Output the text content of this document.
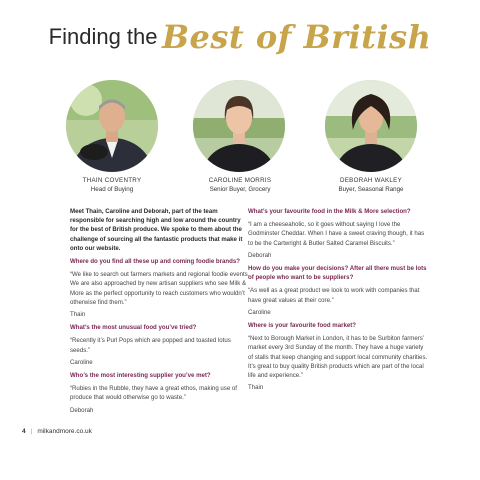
Finding the Best of British
THAIN COVENTRY
Head of Buying
CAROLINE MORRIS
Senior Buyer, Grocery
DEBORAH WAKLEY
Buyer, Seasonal Range

Meet Thain, Caroline and Deborah, part of the team responsible for searching high and low around the country for the best of British produce. We spoke to them about the challenge of sourcing all the fantastic products that make it onto our website.

Where do you find all these up and coming foodie brands?

“We like to search out farmers markets and regional foodie events. We are also approached by new artisan suppliers who see Milk & More as the perfect opportunity to reach customers who wouldn’t otherwise find them.”

Thain

What’s the most unusual food you’ve tried?

“Recently it’s Purl Pops which are popped and toasted lotus seeds.”

Caroline

Who’s the most interesting supplier you’ve met?

“Rubies in the Rubble, they have a great ethos, making use of produce that would otherwise go to waste.”

Deborah

What’s your favourite food in the Milk & More selection?

“I am a cheeseaholic, so it goes without saying I love the Godminster Cheddar. When I have a sweet craving though, it has to be the Cartwright & Butler Salted Caramel Biscuits.”

Deborah

How do you make your decisions? After all there must be lots of people who want to be suppliers?

“As well as a great product we look to work with companies that have great values at their core.”

Caroline

Where is your favourite food market?

“Next to Borough Market in London, it has to be Surbiton farmers’ market every 3rd Sunday of the month. They have a huge variety of stalls that keep changing and support local community charities. It’s great to buy quality British products which are part of the local life and experience.”

Thain

4 | milkandmore.co.uk
